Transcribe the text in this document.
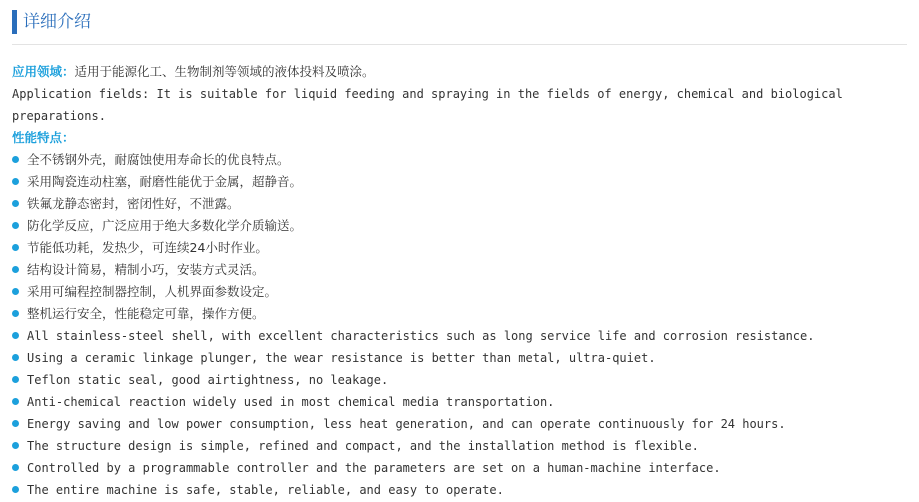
详细介绍
应用领域：适用于能源化工、生物制剂等领域的液体投料及喷涂。
Application fields: It is suitable for liquid feeding and spraying in the fields of energy, chemical and biological
preparations.
性能特点：
全不锈钢外壳，耐腐蚀使用寿命长的优良特点。
采用陶瓷连动柱塞，耐磨性能优于金属，超静音。
铁氟龙静态密封，密闭性好，不泄露。
防化学反应，广泛应用于绝大多数化学介质输送。
节能低功耗，发热少，可连续24小时作业。
结构设计简易，精制小巧，安装方式灵活。
采用可编程控制器控制，人机界面参数设定。
整机运行安全，性能稳定可靠，操作方便。
All stainless-steel shell, with excellent characteristics such as long service life and corrosion resistance.
Using a ceramic linkage plunger, the wear resistance is better than metal, ultra-quiet.
Teflon static seal, good airtightness, no leakage.
Anti-chemical reaction widely used in most chemical media transportation.
Energy saving and low power consumption, less heat generation, and can operate continuously for 24 hours.
The structure design is simple, refined and compact, and the installation method is flexible.
Controlled by a programmable controller and the parameters are set on a human-machine interface.
The entire machine is safe, stable, reliable, and easy to operate.
